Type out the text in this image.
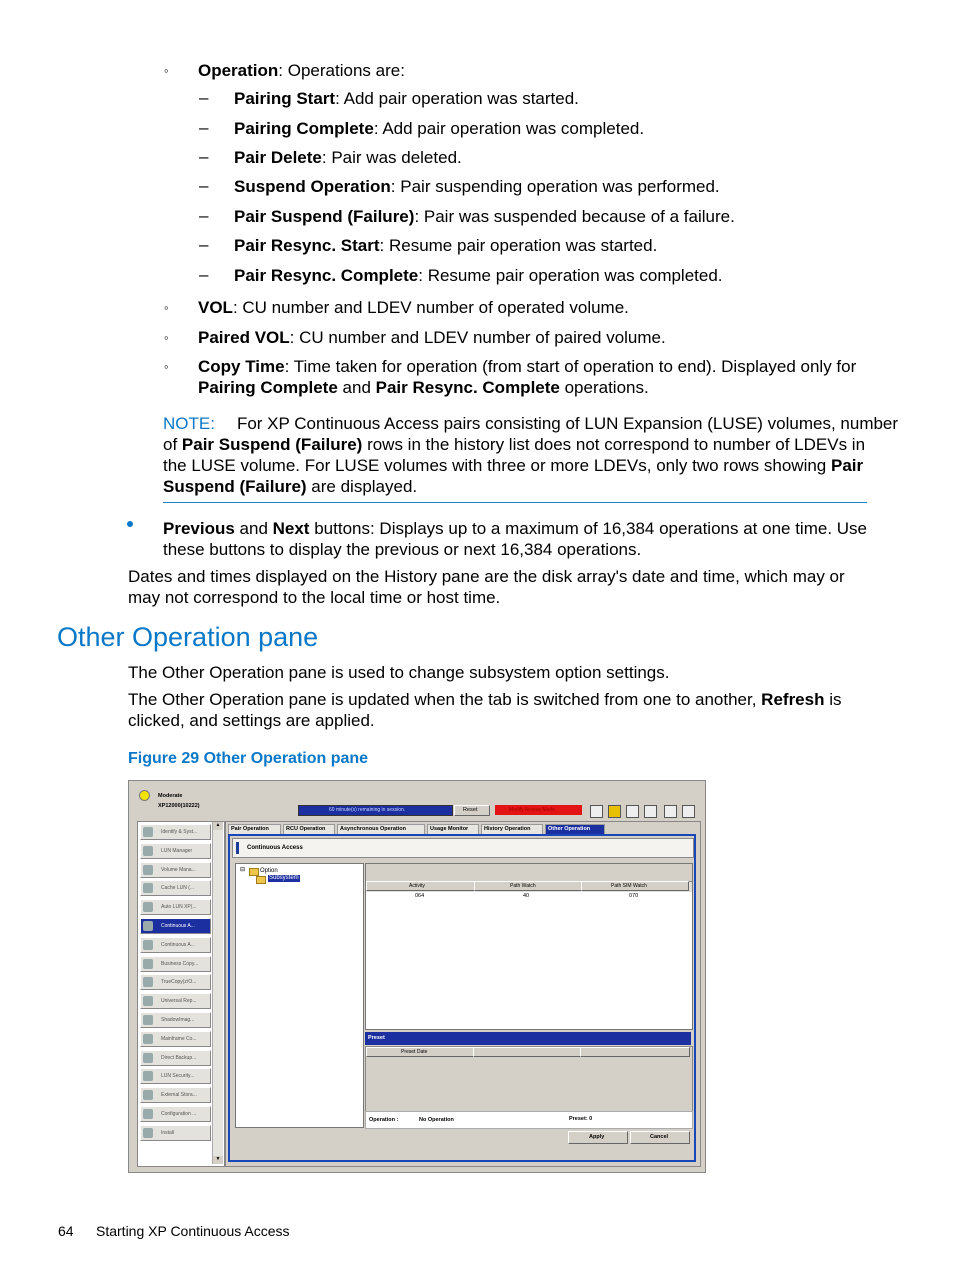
◦ Operation: Operations are:
– Pairing Start: Add pair operation was started.
– Pairing Complete: Add pair operation was completed.
– Pair Delete: Pair was deleted.
– Suspend Operation: Pair suspending operation was performed.
– Pair Suspend (Failure): Pair was suspended because of a failure.
– Pair Resync. Start: Resume pair operation was started.
– Pair Resync. Complete: Resume pair operation was completed.
◦ VOL: CU number and LDEV number of operated volume.
◦ Paired VOL: CU number and LDEV number of paired volume.
◦ Copy Time: Time taken for operation (from start of operation to end). Displayed only for
Pairing Complete and Pair Resync. Complete operations.
NOTE: For XP Continuous Access pairs consisting of LUN Expansion (LUSE) volumes, number
of Pair Suspend (Failure) rows in the history list does not correspond to number of LDEVs in
the LUSE volume. For LUSE volumes with three or more LDEVs, only two rows showing Pair
Suspend (Failure) are displayed.
Previous and Next buttons: Displays up to a maximum of 16,384 operations at one time. Use
these buttons to display the previous or next 16,384 operations.
Dates and times displayed on the History pane are the disk array's date and time, which may or
may not correspond to the local time or host time.
Other Operation pane
The Other Operation pane is used to change subsystem option settings.
The Other Operation pane is updated when the tab is switched from one to another, Refresh is
clicked, and settings are applied.
Figure 29 Other Operation pane
Moderate
XP12000(10222)
60 minute(s) remaining in session.	Reset	Modify Access Mode
▲
▼
Identify & Syst...
LUN Manager
Volume Mana...
Cache LUN (...
Auto LUN XP(...
Continuous A...
Continuous A...
Business Copy...
TrueCopy(z/O...
Universal Rep...
ShadowImag...
Mainframe Co...
Direct Backup...
LUN Security...
External Stora...
Configuration ...
Install
Pair Operation	RCU Operation	Asynchronous Operation	Usage Monitor	History Operation	Other Operation
Continuous Access
⊟ Option
Subsystem
Activity	Path Watch	Path SIM Watch
064	40	070
Preset
Preset Date
Operation :	No Operation	Preset: 0
Apply	Cancel
64 Starting XP Continuous Access
